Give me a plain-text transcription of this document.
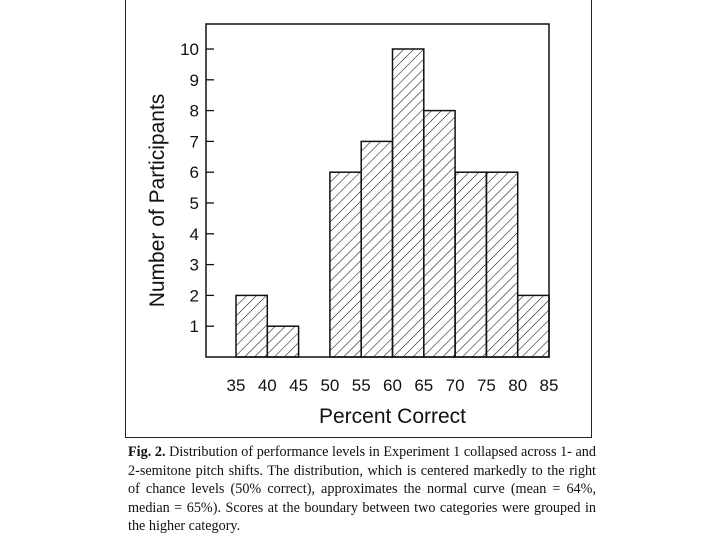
1
2
3
4
5
6
7
8
9
10
35 40 45 50 55 60 65 70 75 80 85
Percent Correct
Number of Participants
Fig. 2. Distribution of performance levels in Experiment 1 collapsed across 1- and 2-semitone pitch shifts. The distribution, which is centered markedly to the right of chance levels (50% correct), approximates the normal curve (mean = 64%, median = 65%). Scores at the boundary between two categories were grouped in the higher category.
